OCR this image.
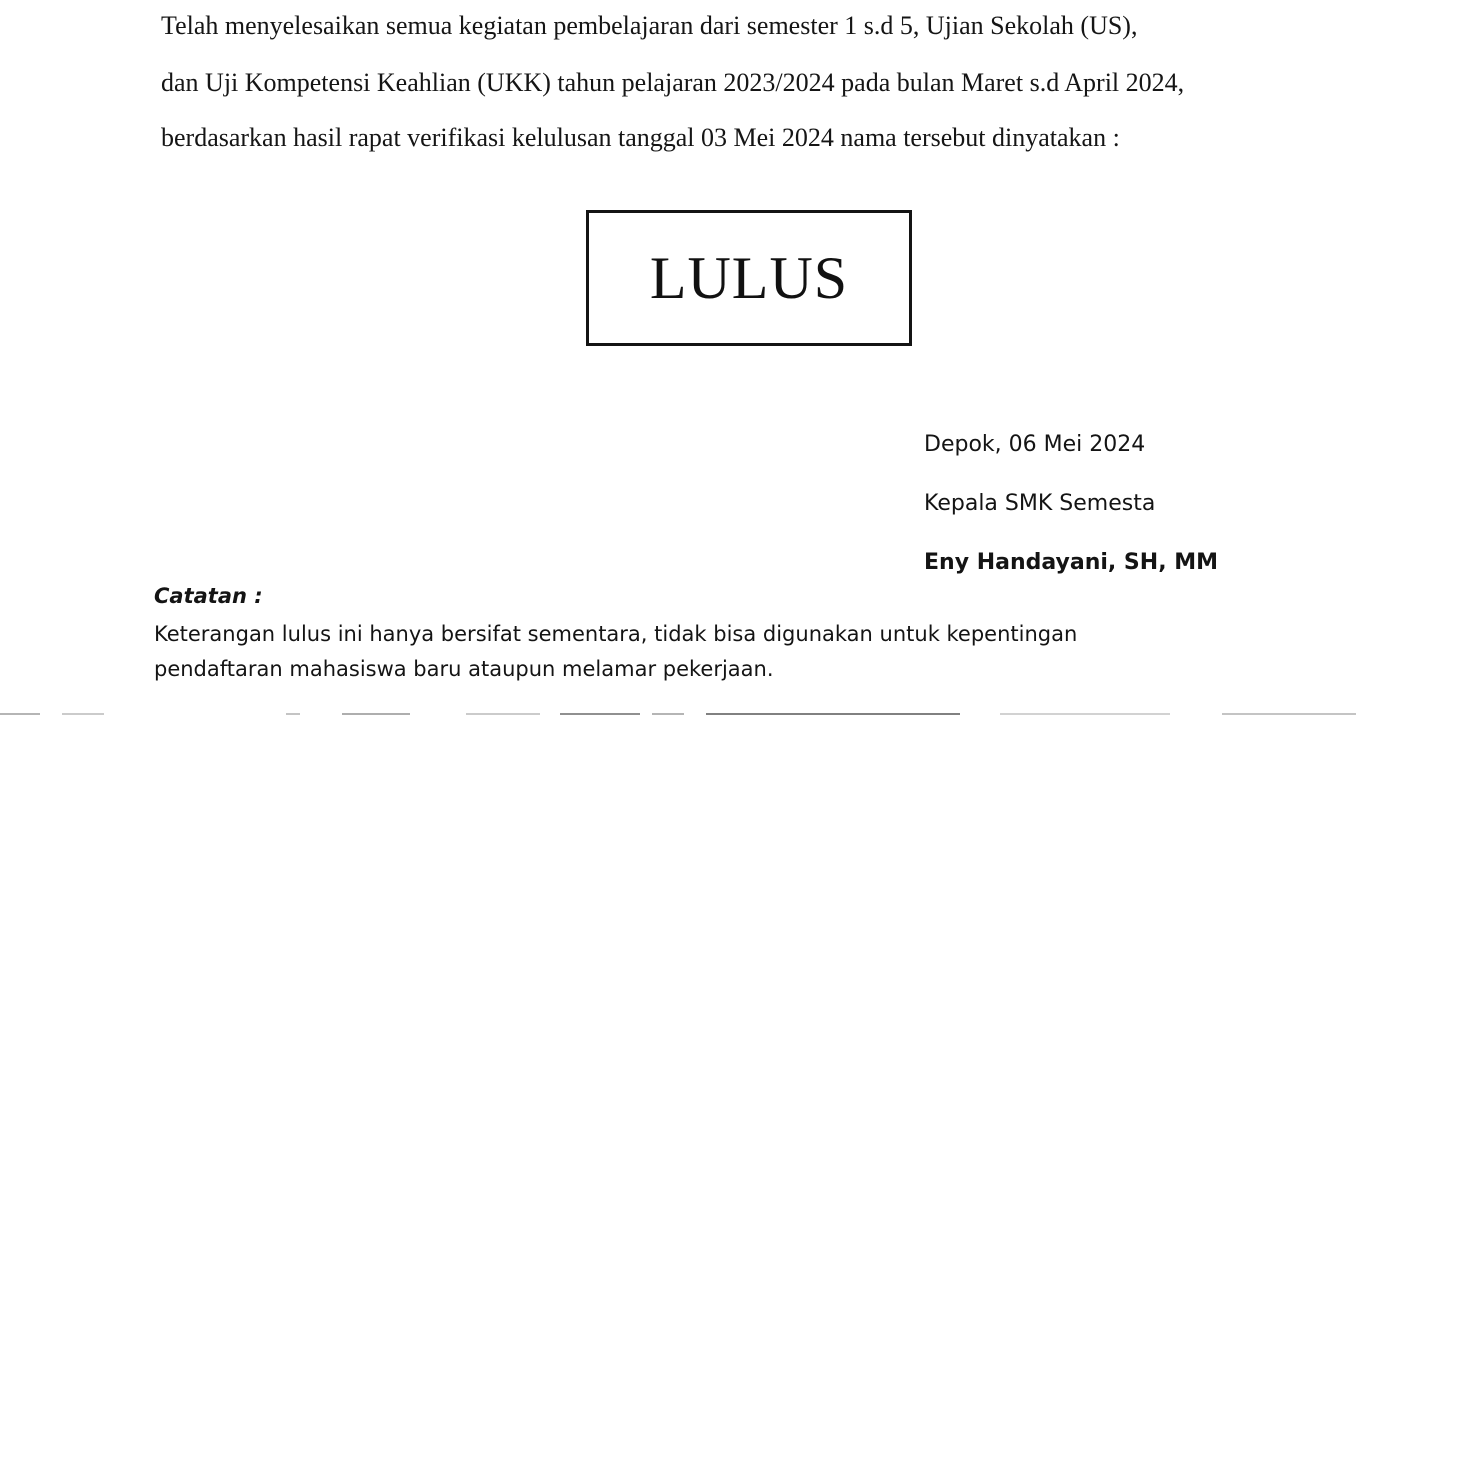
Telah menyelesaikan semua kegiatan pembelajaran dari semester 1 s.d 5, Ujian Sekolah (US),
dan Uji Kompetensi Keahlian (UKK) tahun pelajaran 2023/2024 pada bulan Maret s.d April 2024,
berdasarkan hasil rapat verifikasi kelulusan tanggal 03 Mei 2024 nama tersebut dinyatakan :
LULUS
Depok, 06 Mei 2024
Kepala SMK Semesta
Eny Handayani, SH, MM
Catatan :
Keterangan lulus ini hanya bersifat sementara, tidak bisa digunakan untuk kepentingan
pendaftaran mahasiswa baru ataupun melamar pekerjaan.
